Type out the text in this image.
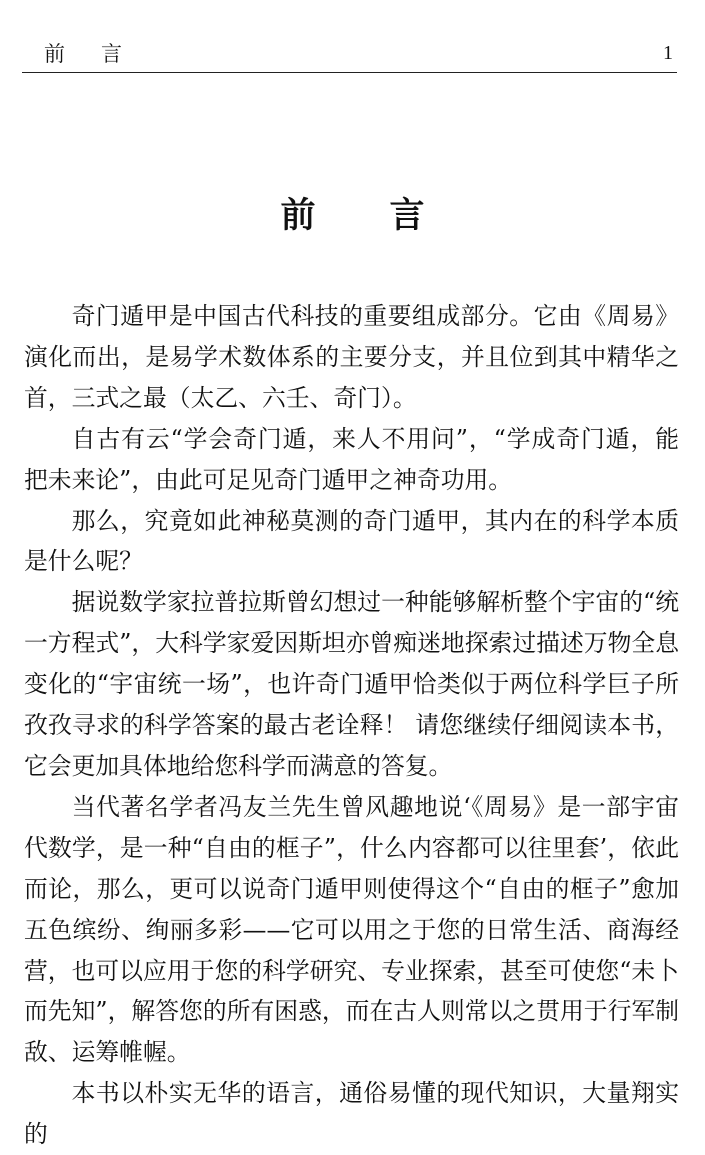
前言	1
前言

奇门遁甲是中国古代科技的重要组成部分。它由《周易》演化而出，是易学术数体系的主要分支，并且位到其中精华之首，三式之最（太乙、六壬、奇门）。

自古有云“学会奇门遁，来人不用问”，“学成奇门遁，能把未来论”，由此可足见奇门遁甲之神奇功用。

那么，究竟如此神秘莫测的奇门遁甲，其内在的科学本质是什么呢？

据说数学家拉普拉斯曾幻想过一种能够解析整个宇宙的“统一方程式”，大科学家爱因斯坦亦曾痴迷地探索过描述万物全息变化的“宇宙统一场”，也许奇门遁甲恰类似于两位科学巨子所孜孜寻求的科学答案的最古老诠释！ 请您继续仔细阅读本书，它会更加具体地给您科学而满意的答复。

当代著名学者冯友兰先生曾风趣地说‘《周易》是一部宇宙代数学，是一种“自由的框子”，什么内容都可以往里套’，依此而论，那么，更可以说奇门遁甲则使得这个“自由的框子”愈加五色缤纷、绚丽多彩——它可以用之于您的日常生活、商海经营，也可以应用于您的科学研究、专业探索，甚至可使您“未卜而先知”，解答您的所有困惑，而在古人则常以之贯用于行军制敌、运筹帷幄。

本书以朴实无华的语言，通俗易懂的现代知识，大量翔实的
